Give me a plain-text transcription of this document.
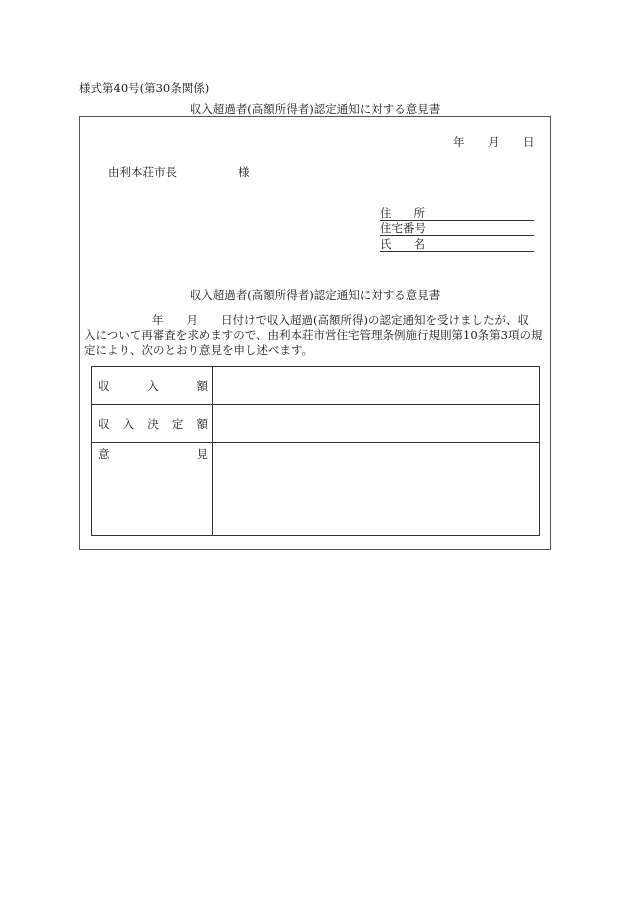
様式第40号(第30条関係)
収入超過者(高額所得者)認定通知に対する意見書
年 月 日
由利本荘市長	様
住 所
住宅番号
氏 名
収入超過者(高額所得者)認定通知に対する意見書
年　　月　　日付けで収入超過(高額所得)の認定通知を受けましたが、収
入について再審査を求めますので、由利本荘市営住宅管理条例施行規則第10条第3項の規
定により、次のとおり意見を申し述べます。
収 入 額	

収 入 決 定 額	

意 見	
